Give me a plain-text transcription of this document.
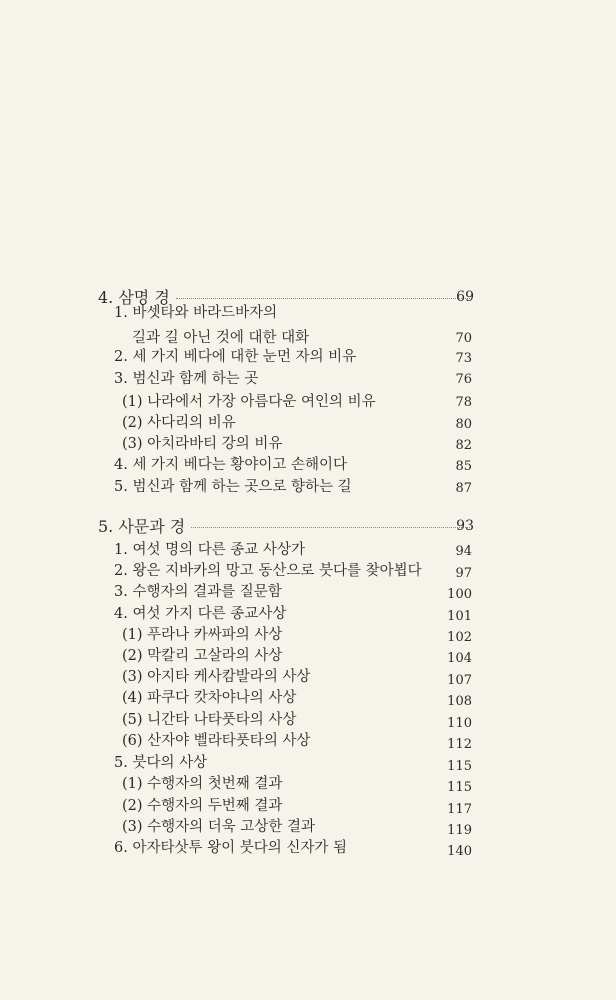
4. 삼명 경	69
1. 바셋타와 바라드바자의
길과 길 아닌 것에 대한 대화	70
2. 세 가지 베다에 대한 눈먼 자의 비유	73
3. 범신과 함께 하는 곳	76
(1) 나라에서 가장 아름다운 여인의 비유	78
(2) 사다리의 비유	80
(3) 아치라바티 강의 비유	82
4. 세 가지 베다는 황야이고 손해이다	85
5. 범신과 함께 하는 곳으로 향하는 길	87
5. 사문과 경	93
1. 여섯 명의 다른 종교 사상가	94
2. 왕은 지바카의 망고 동산으로 붓다를 찾아뵙다	97
3. 수행자의 결과를 질문함	100
4. 여섯 가지 다른 종교사상	101
(1) 푸라나 카싸파의 사상	102
(2) 막칼리 고살라의 사상	104
(3) 아지타 케사캄발라의 사상	107
(4) 파쿠다 캇차야나의 사상	108
(5) 니간타 나타풋타의 사상	110
(6) 산자야 벨라타풋타의 사상	112
5. 붓다의 사상	115
(1) 수행자의 첫번째 결과	115
(2) 수행자의 두번째 결과	117
(3) 수행자의 더욱 고상한 결과	119
6. 아자타삿투 왕이 붓다의 신자가 됨	140
